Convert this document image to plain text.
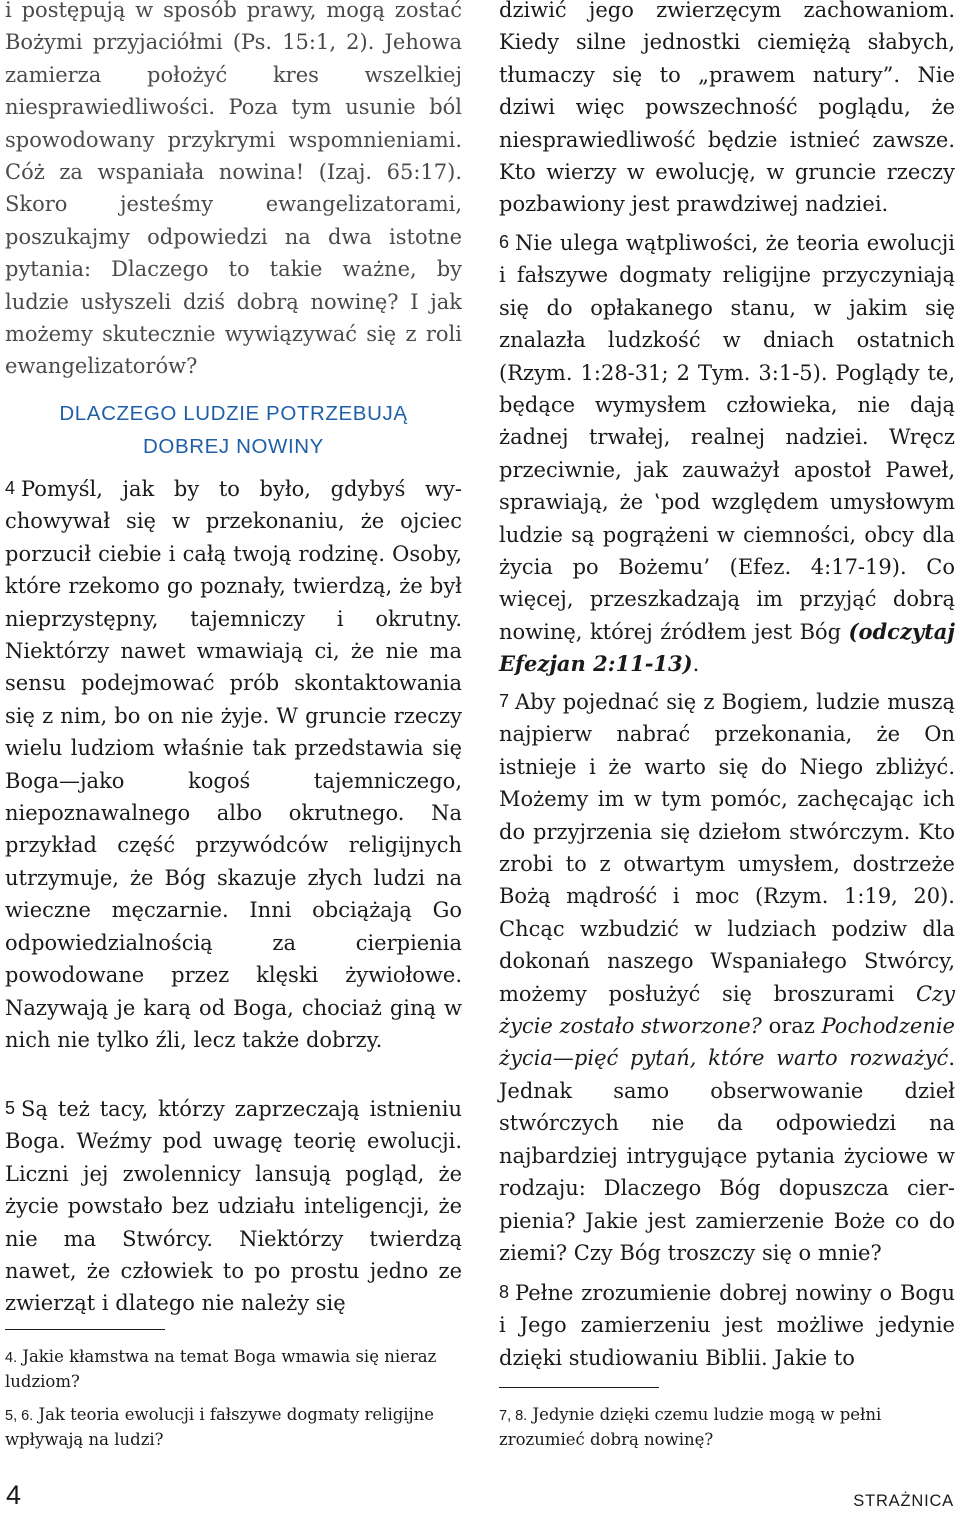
i postępują w sposób prawy, mogą zostać Bożymi przyjaciółmi (Ps. 15:1, 2). Jehowa zamierza położyć kres wszelkiej niesprawiedliwości. Poza tym usunie ból spowodowany przykrymi wspomnieniami. Cóż za wspaniała nowina! (Izaj. 65:17). Skoro jesteśmy ewangelizatorami, poszukajmy odpowiedzi na dwa istotne pytania: Dlaczego to takie ważne, by ludzie usłyszeli dziś dobrą nowinę? I jak możemy skutecznie wywiązywać się z roli ewangelizatorów?

DLACZEGO LUDZIE POTRZEBUJĄ

DOBREJ NOWINY

4 Pomyśl, jak by to było, gdybyś wychowywał się w przekonaniu, że ojciec porzucił ciebie i całą twoją rodzinę. Osoby, które rzekomo go poznały, twierdzą, że był nieprzystępny, tajemniczy i okrutny. Niektórzy nawet wmawiają ci, że nie ma sensu podejmować prób skontaktowania się z nim, bo on nie żyje. W gruncie rzeczy wielu ludziom właśnie tak przedstawia się Boga—jako kogoś tajemniczego, niepoznawalnego albo okrutnego. Na przykład część przywódców religijnych utrzymuje, że Bóg skazuje złych ludzi na wieczne męczarnie. Inni obciążają Go odpowiedzialnością za cierpienia powodowane przez klęski żywiołowe. Nazywają je karą od Boga, chociaż giną w nich nie tylko źli, lecz także dobrzy.

5 Są też tacy, którzy zaprzeczają istnieniu Boga. Weźmy pod uwagę teorię ewolucji. Liczni jej zwolennicy lansują pogląd, że życie powstało bez udziału inteligencji, że nie ma Stwórcy. Niektórzy twierdzą nawet, że człowiek to po prostu jedno ze zwierząt i dlatego nie należy się

4. Jakie kłamstwa na temat Boga wmawia się nieraz ludziom?

5, 6. Jak teoria ewolucji i fałszywe dogmaty religijne wpływają na ludzi?

dziwić jego zwierzęcym zachowaniom. Kiedy silne jednostki ciemiężą słabych, tłumaczy się to „prawem natury”. Nie dziwi więc powszechność poglądu, że niesprawiedliwość będzie istnieć zawsze. Kto wierzy w ewolucję, w gruncie rzeczy pozbawiony jest prawdziwej nadziei.

6 Nie ulega wątpliwości, że teoria ewolucji i fałszywe dogmaty religijne przyczyniają się do opłakanego stanu, w jakim się znalazła ludzkość w dniach ostatnich (Rzym. 1:28-31; 2 Tym. 3:1-5). Poglądy te, będące wymysłem człowieka, nie dają żadnej trwałej, realnej nadziei. Wręcz przeciwnie, jak zauważył apostoł Paweł, sprawiają, że ‛pod względem umysłowym ludzie są pogrążeni w ciemności, obcy dla życia po Bożemu’ (Efez. 4:17-19). Co więcej, przeszkadzają im przyjąć dobrą nowinę, której źródłem jest Bóg (odczytaj Efezjan 2:11-13).

7 Aby pojednać się z Bogiem, ludzie muszą najpierw nabrać przekonania, że On istnieje i że warto się do Niego zbliżyć. Możemy im w tym pomóc, zachęcając ich do przyjrzenia się dziełom stwórczym. Kto zrobi to z otwartym umysłem, dostrzeże Bożą mądrość i moc (Rzym. 1:19, 20). Chcąc wzbudzić w ludziach podziw dla dokonań naszego Wspaniałego Stwórcy, możemy posłużyć się broszurami Czy życie zostało stworzone? oraz Pochodzenie życia—pięć pytań, które warto rozważyć. Jednak samo obserwowanie dzieł stwórczych nie da odpowiedzi na najbardziej intrygujące pytania życiowe w rodzaju: Dlaczego Bóg dopuszcza cierpienia? Jakie jest zamierzenie Boże co do ziemi? Czy Bóg troszczy się o mnie?

8 Pełne zrozumienie dobrej nowiny o Bogu i Jego zamierzeniu jest możliwe jedynie dzięki studiowaniu Biblii. Jakie to

7, 8. Jedynie dzięki czemu ludzie mogą w pełni zrozumieć dobrą nowinę?

4	STRAŻNICA
